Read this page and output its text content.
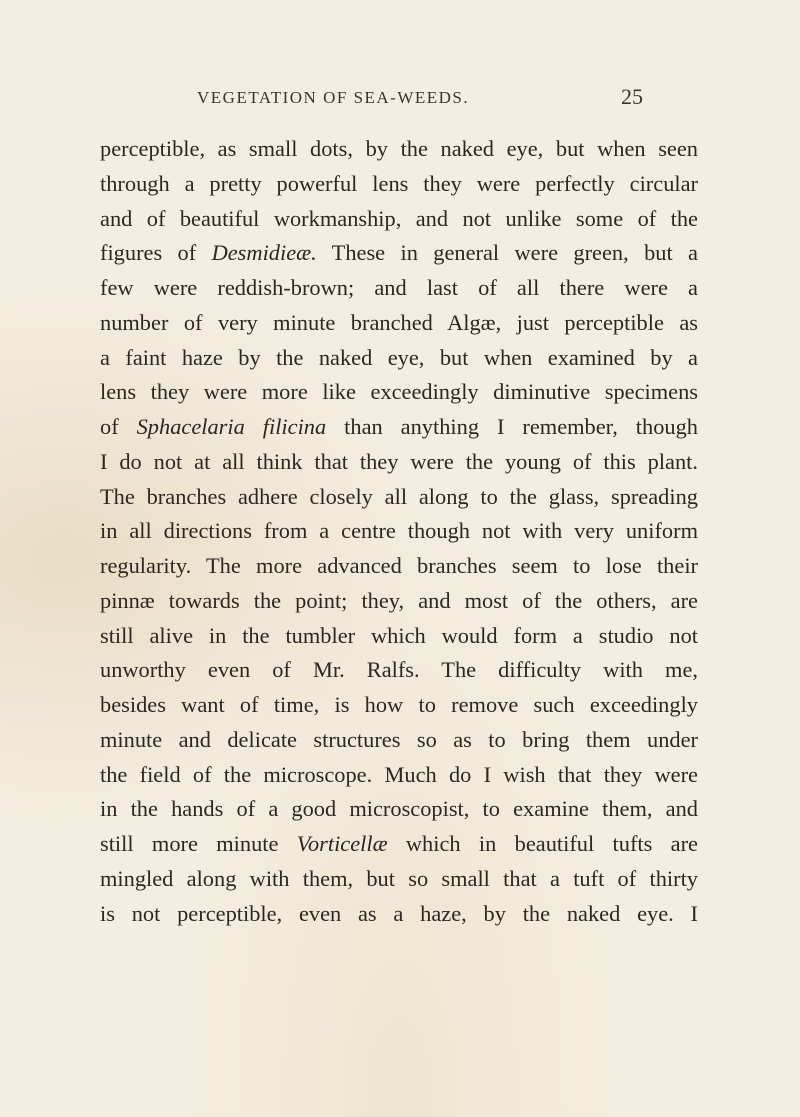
VEGETATION OF SEA-WEEDS.	25
perceptible, as small dots, by the naked eye, but when seen
through a pretty powerful lens they were perfectly circular
and of beautiful workmanship, and not unlike some of the
figures of Desmidieæ. These in general were green, but a
few were reddish-brown; and last of all there were a
number of very minute branched Algæ, just perceptible as
a faint haze by the naked eye, but when examined by a
lens they were more like exceedingly diminutive specimens
of Sphacelaria filicina than anything I remember, though
I do not at all think that they were the young of this plant.
The branches adhere closely all along to the glass, spreading
in all directions from a centre though not with very uniform
regularity. The more advanced branches seem to lose their
pinnæ towards the point; they, and most of the others, are
still alive in the tumbler which would form a studio not
unworthy even of Mr. Ralfs. The difficulty with me,
besides want of time, is how to remove such exceedingly
minute and delicate structures so as to bring them under
the field of the microscope. Much do I wish that they were
in the hands of a good microscopist, to examine them, and
still more minute Vorticellæ which in beautiful tufts are
mingled along with them, but so small that a tuft of thirty
is not perceptible, even as a haze, by the naked eye. I
